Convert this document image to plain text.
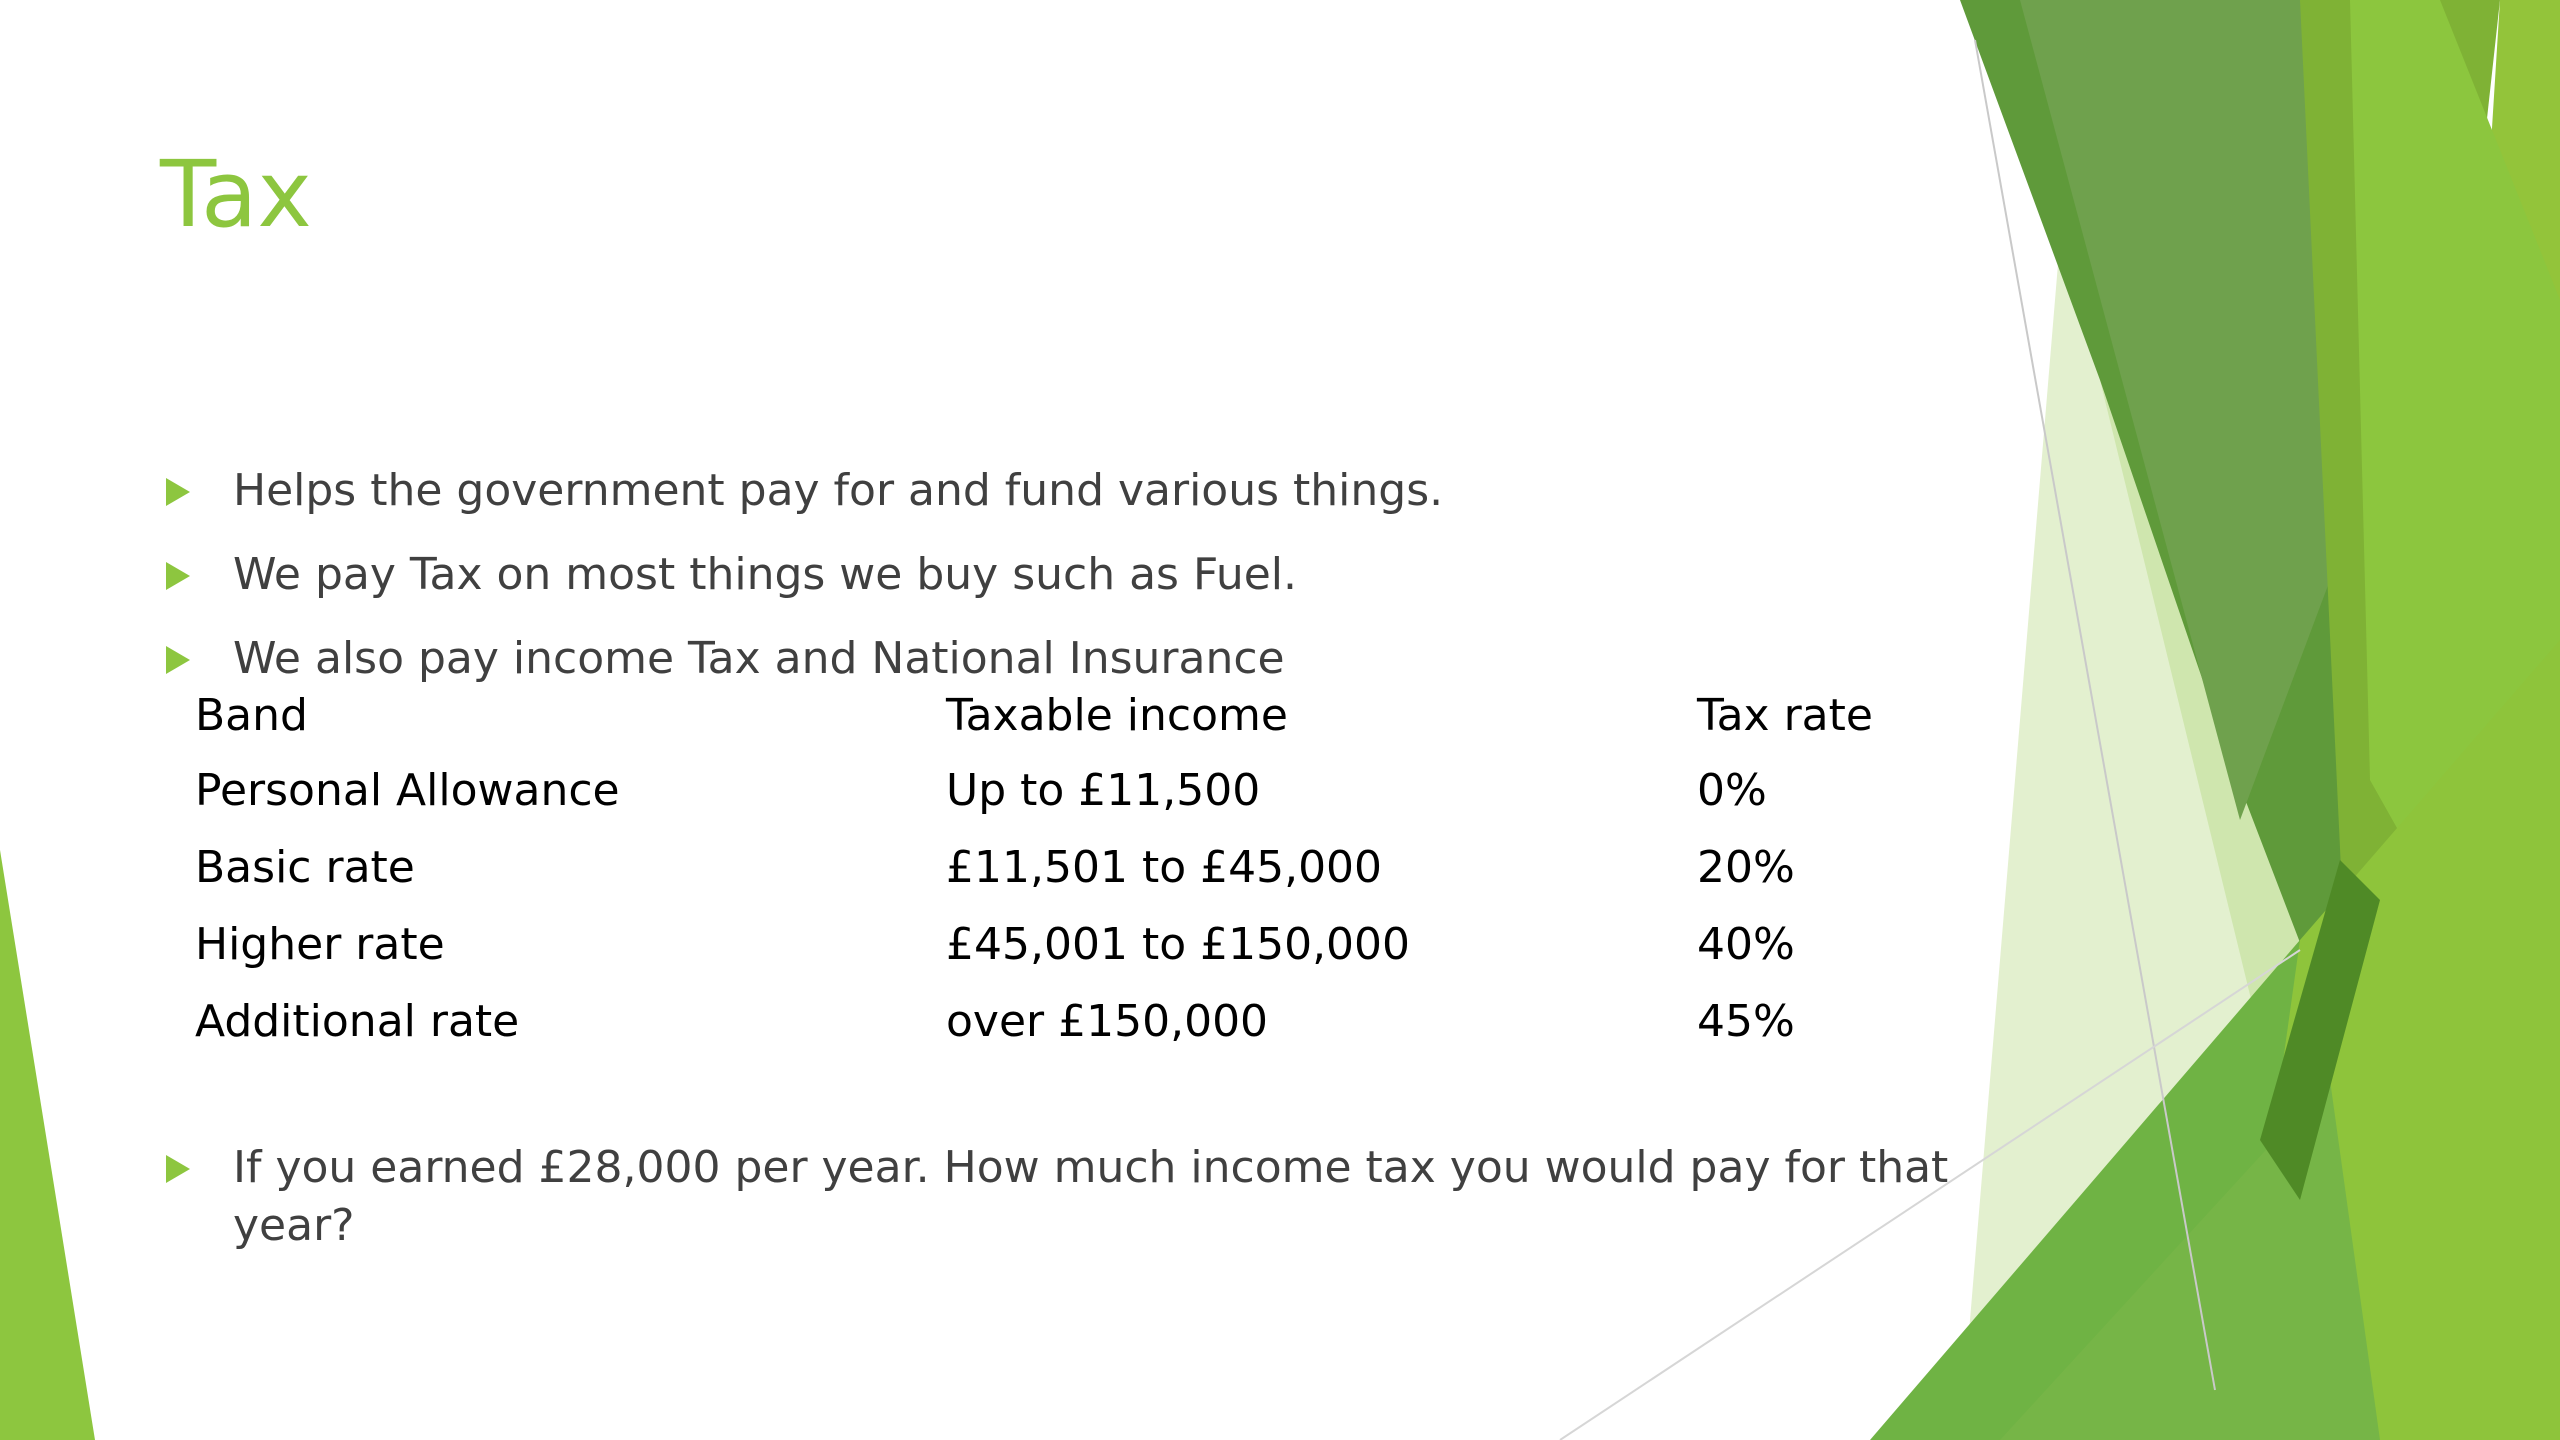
Tax
Helps the government pay for and fund various things.
We pay Tax on most things we buy such as Fuel.
We also pay income Tax and National Insurance
Band	Taxable income	Tax rate
Personal Allowance	Up to £11,500	0%
Basic rate	£11,501 to £45,000	20%
Higher rate	£45,001 to £150,000	40%
Additional rate	over £150,000	45%
If you earned £28,000 per year. How much income tax you would pay for that year?
